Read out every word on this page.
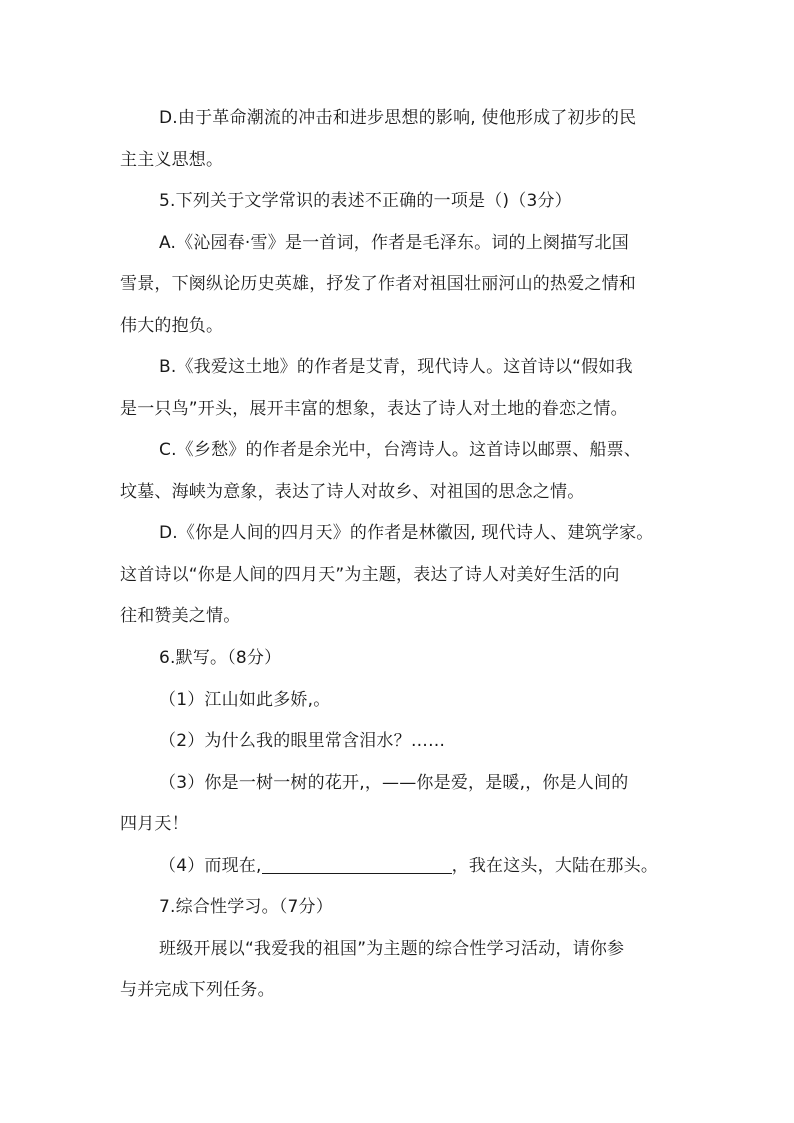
D.由于革命潮流的冲击和进步思想的影响, 使他形成了初步的民
主主义思想。
5.下列关于文学常识的表述不正确的一项是（)（3分）
A.《沁园春·雪》是一首词，作者是毛泽东。词的上阕描写北国
雪景，下阕纵论历史英雄，抒发了作者对祖国壮丽河山的热爱之情和
伟大的抱负。
B.《我爱这土地》的作者是艾青，现代诗人。这首诗以“假如我
是一只鸟”开头，展开丰富的想象，表达了诗人对土地的眷恋之情。
C.《乡愁》的作者是余光中，台湾诗人。这首诗以邮票、船票、
坟墓、海峡为意象，表达了诗人对故乡、对祖国的思念之情。
D.《你是人间的四月天》的作者是林徽因, 现代诗人、建筑学家。
这首诗以“你是人间的四月天”为主题，表达了诗人对美好生活的向
往和赞美之情。
6.默写。（8分）
（1）江山如此多娇,。
（2）为什么我的眼里常含泪水？……
（3）你是一树一树的花开,，——你是爱，是暖,，你是人间的
四月天！
（4）而现在,	，我在这头，大陆在那头。
7.综合性学习。（7分）
班级开展以“我爱我的祖国”为主题的综合性学习活动，请你参
与并完成下列任务。
